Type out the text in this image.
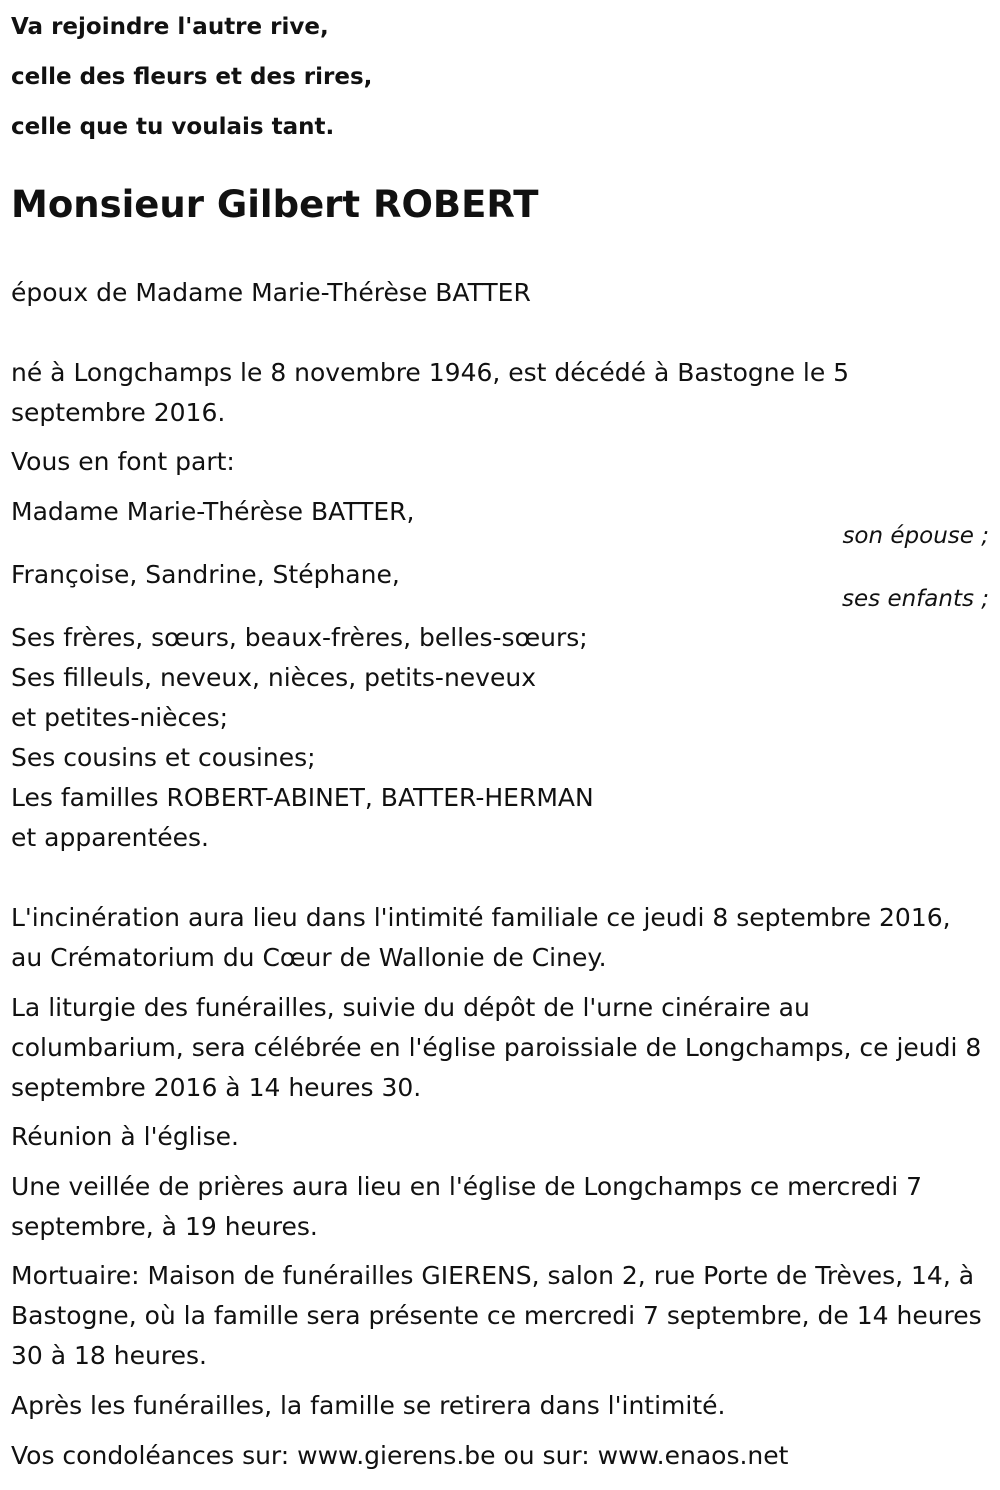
Va rejoindre l'autre rive,

celle des fleurs et des rires,

celle que tu voulais tant.

Monsieur Gilbert ROBERT

époux de Madame Marie-Thérèse BATTER

né à Longchamps le 8 novembre 1946, est décédé à Bastogne le 5 septembre 2016.

Vous en font part:

Madame Marie-Thérèse BATTER,

son épouse ;

Françoise, Sandrine, Stéphane,

ses enfants ;

Ses frères, sœurs, beaux-frères, belles-sœurs;

Ses filleuls, neveux, nièces, petits-neveux

et petites-nièces;

Ses cousins et cousines;

Les familles ROBERT-ABINET, BATTER-HERMAN

et apparentées.

L'incinération aura lieu dans l'intimité familiale ce jeudi 8 septembre 2016, au Crématorium du Cœur de Wallonie de Ciney.

La liturgie des funérailles, suivie du dépôt de l'urne cinéraire au columbarium, sera célébrée en l'église paroissiale de Longchamps, ce jeudi 8 septembre 2016 à 14 heures 30.

Réunion à l'église.

Une veillée de prières aura lieu en l'église de Longchamps ce mercredi 7 septembre, à 19 heures.

Mortuaire: Maison de funérailles GIERENS, salon 2, rue Porte de Trèves, 14, à Bastogne, où la famille sera présente ce mercredi 7 septembre, de 14 heures 30 à 18 heures.

Après les funérailles, la famille se retirera dans l'intimité.

Vos condoléances sur: www.gierens.be ou sur: www.enaos.net
